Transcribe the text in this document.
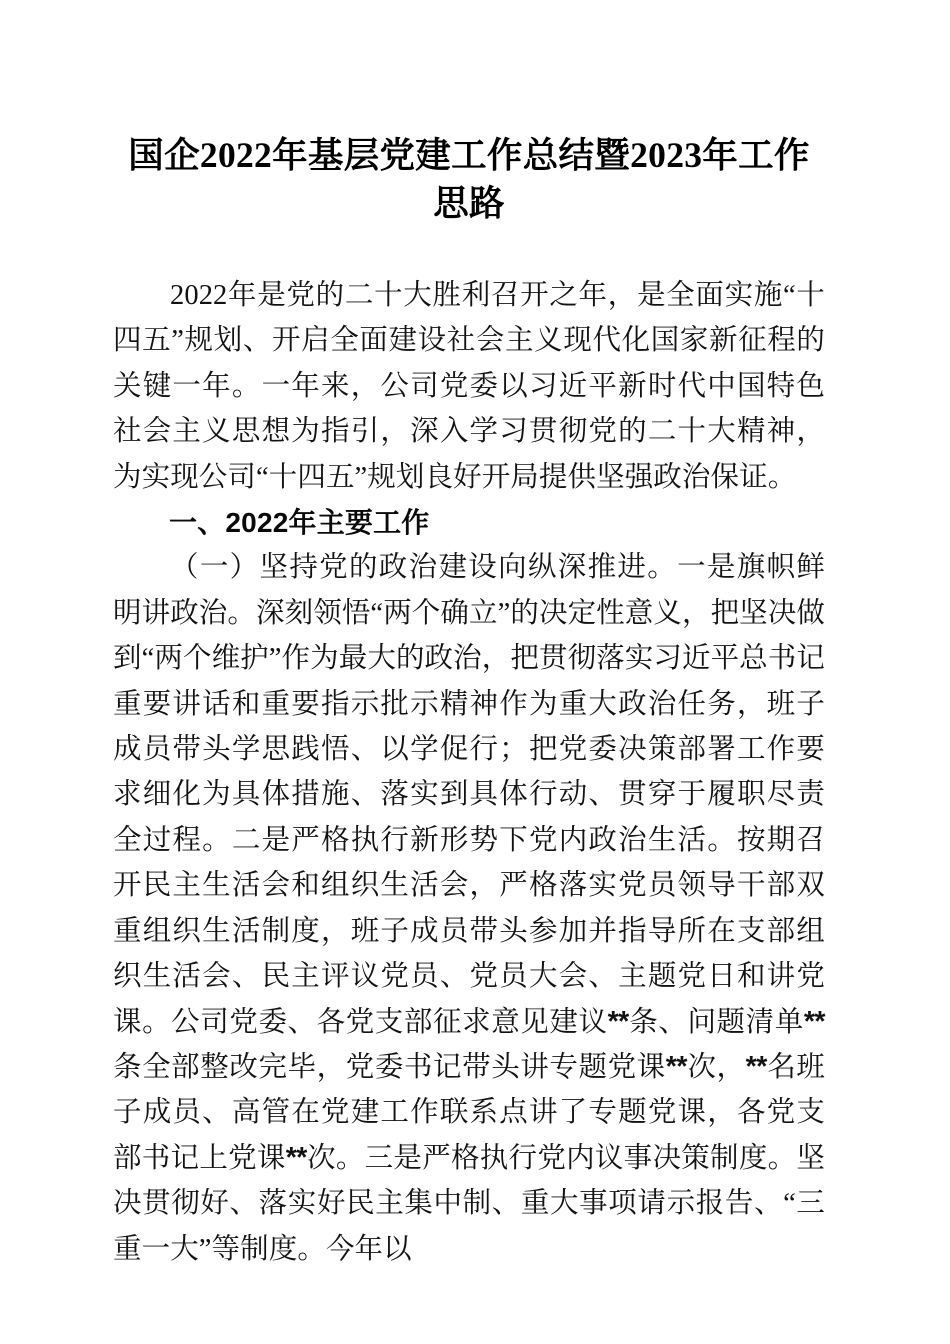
国企2022年基层党建工作总结暨2023年工作思路

2022年是党的二十大胜利召开之年，是全面实施“十四五”规划、开启全面建设社会主义现代化国家新征程的关键一年。一年来，公司党委以习近平新时代中国特色社会主义思想为指引，深入学习贯彻党的二十大精神，为实现公司“十四五”规划良好开局提供坚强政治保证。

一、2022年主要工作

（一）坚持党的政治建设向纵深推进。一是旗帜鲜明讲政治。深刻领悟“两个确立”的决定性意义，把坚决做到“两个维护”作为最大的政治，把贯彻落实习近平总书记重要讲话和重要指示批示精神作为重大政治任务，班子成员带头学思践悟、以学促行；把党委决策部署工作要求细化为具体措施、落实到具体行动、贯穿于履职尽责全过程。二是严格执行新形势下党内政治生活。按期召开民主生活会和组织生活会，严格落实党员领导干部双重组织生活制度，班子成员带头参加并指导所在支部组织生活会、民主评议党员、党员大会、主题党日和讲党课。公司党委、各党支部征求意见建议**条、问题清单**条全部整改完毕，党委书记带头讲专题党课**次，**名班子成员、高管在党建工作联系点讲了专题党课，各党支部书记上党课**次。三是严格执行党内议事决策制度。坚决贯彻好、落实好民主集中制、重大事项请示报告、“三重一大”等制度。今年以
